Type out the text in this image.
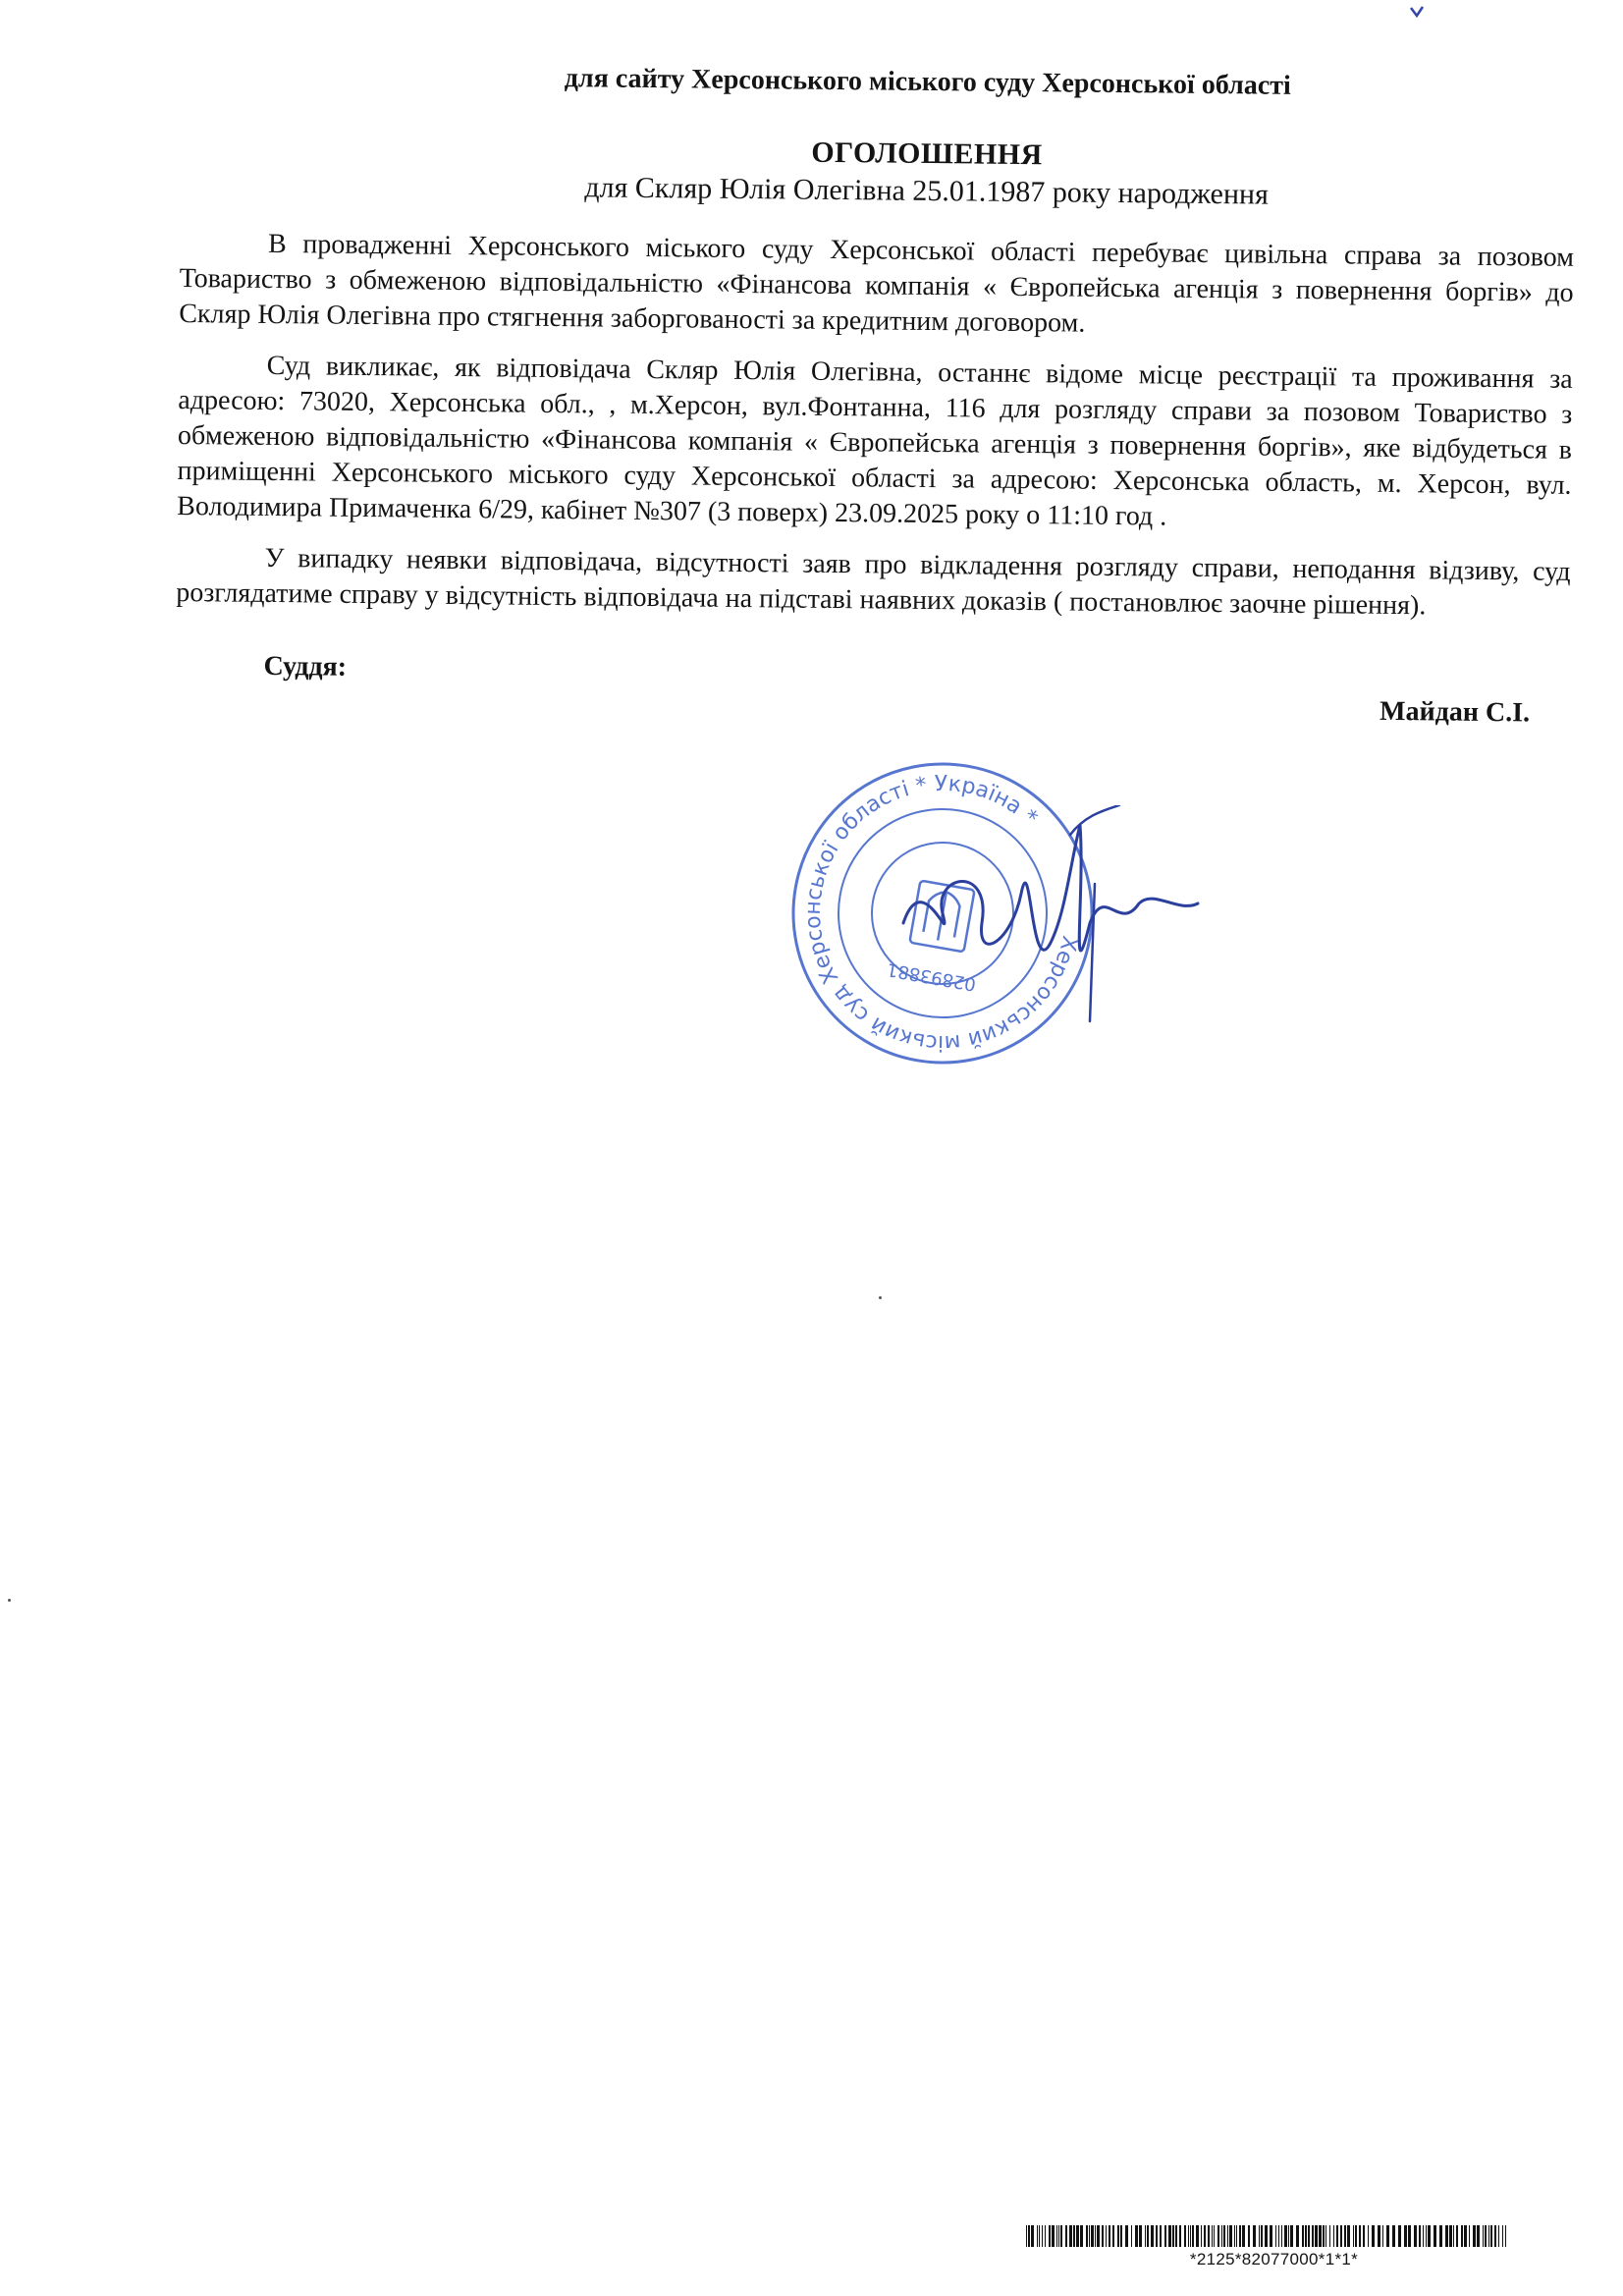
для сайту Херсонського міського суду Херсонської області
ОГОЛОШЕННЯ
для Скляр Юлія Олегівна 25.01.1987 року народження

В провадженні Херсонського міського суду Херсонської області перебуває цивільна справа за позовом Товариство з обмеженою відповідальністю «Фінансова компанія « Європейська агенція з повернення боргів» до Скляр Юлія Олегівна про стягнення заборгованості за кредитним договором.

Суд викликає, як відповідача Скляр Юлія Олегівна, останнє відоме місце реєстрації та проживання за адресою: 73020, Херсонська обл., , м.Херсон, вул.Фонтанна, 116 для розгляду справи за позовом Товариство з обмеженою відповідальністю «Фінансова компанія « Європейська агенція з повернення боргів», яке відбудеться в приміщенні Херсонського міського суду Херсонської області за адресою: Херсонська область, м. Херсон, вул. Володимира Примаченка 6/29, кабінет №307 (3 поверх) 23.09.2025 року о 11:10 год .

У випадку неявки відповідача, відсутності заяв про відкладення розгляду справи, неподання відзиву, суд розглядатиме справу у відсутність відповідача на підставі наявних доказів ( постановлює заочне рішення).

Суддя:
Майдан С.І.
Херсонський міський суд Херсонської області * Україна *
02893881
*2125*82077000*1*1*
